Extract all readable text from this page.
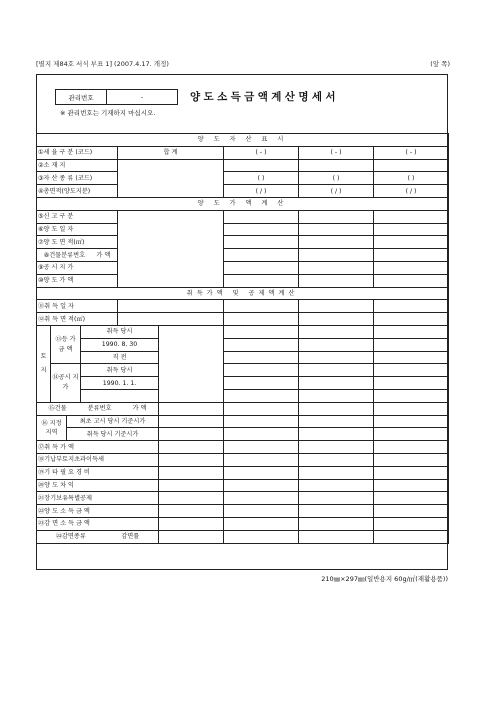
[별지 제84호 서식 부표 1] (2007.4.17. 개정)	(앞 쪽)
관리번호	-	양도소득금액계산명세서
※ 관리번호는 기재하지 마십시오.
양 도 자 산 표 시								
①세 율 구 분 (코드)				합 계		( - )	( - )	( - )
②소 재 지								
③자 산 종 류 (코드)						( )	( )	( )
④총면적(양도지분)						( / )	( / )	( / )
양 도 가 액 계 산								
⑤신 고 구 분								
⑥양 도 일 자								
⑦양 도 면 적(㎡)								

⑧건물분류번호 가 액								

⑨공 시 지 가								
⑩양 도 가 액								
취득가액 및 공제액계산								
⑪취 득 일 자								
⑫취 득 면 적(㎡)								
토 지	⑬등 가 금 액		취득 당시					
			1990. 8. 30					
			직 전					
	⑭공시 지가		취득 당시					
			1990. 1. 1.					

⑮건물 분류번호 가 액								

⑯ 지정 지역		최초 고시 당시 기준시가						
		취득 당시 기준시가						
⑰취 득 가 액								
⑱기납부토지초과이득세								
⑲기 타 필 요 경 비								
⑳양 도 차 익								
㉑장기보유특별공제								
㉒양 도 소 득 금 액								
㉓감 면 소 득 금 액								

㉔감면종류 감면률								

210㎜×297㎜(일반용지 60g/㎡(재활용품))
